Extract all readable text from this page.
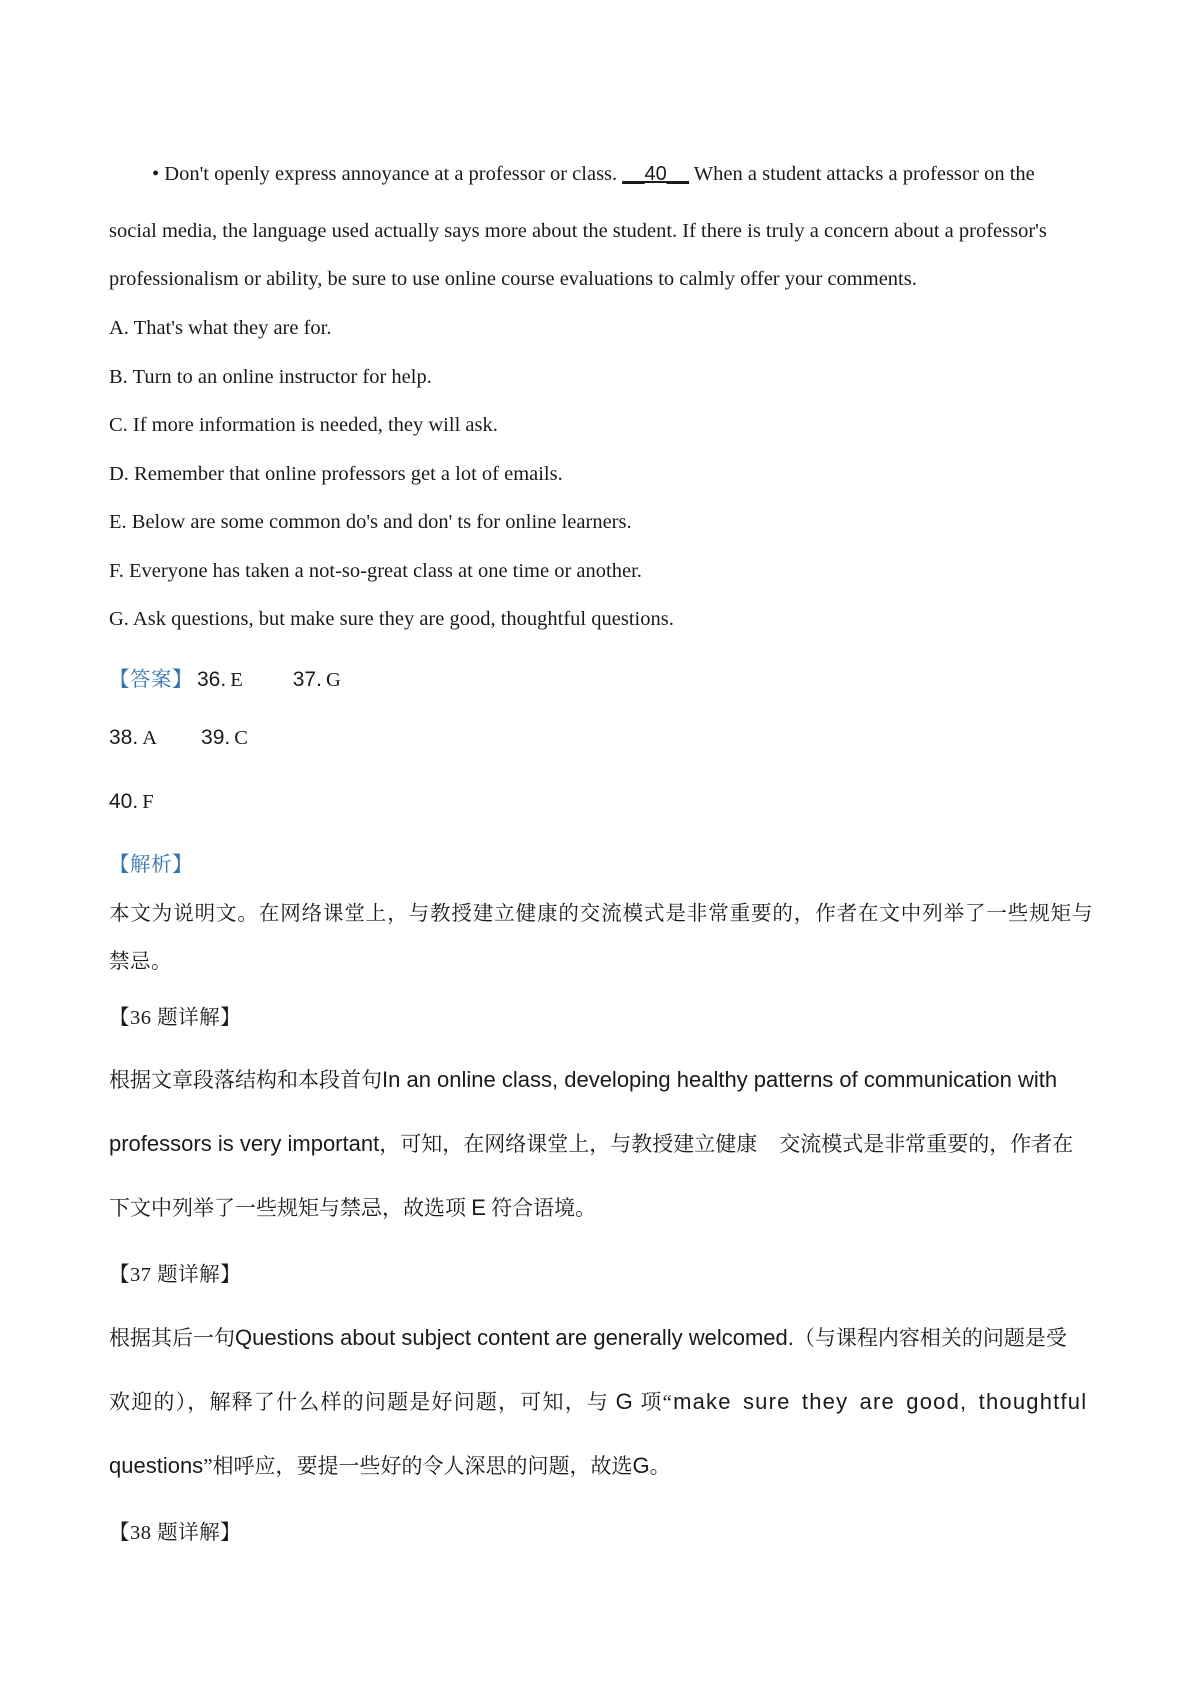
• Don't openly express annoyance at a professor or class. __40__ When a student attacks a professor on the
social media, the language used actually says more about the student. If there is truly a concern about a professor's
professionalism or ability, be sure to use online course evaluations to calmly offer your comments.
A. That's what they are for.
B. Turn to an online instructor for help.
C. If more information is needed, they will ask.
D. Remember that online professors get a lot of emails.
E. Below are some common do's and don' ts for online learners.
F. Everyone has taken a not-so-great class at one time or another.
G. Ask questions, but make sure they are good, thoughtful questions.
【答案】 36. E 37. G
38. A 39. C
40. F
【解析】
本文为说明文。在网络课堂上，与教授建立健康的交流模式是非常重要的，作者在文中列举了一些规矩与
禁忌。
【36 题详解】
根据文章段落结构和本段首句In an online class, developing healthy patterns of communication with
professors is very important，可知，在网络课堂上，与教授建立健康 交流模式是非常重要的，作者在
下文中列举了一些规矩与禁忌，故选项 E 符合语境。
【37 题详解】
根据其后一句Questions about subject content are generally welcomed.（与课程内容相关的问题是受
欢迎的），解释了什么样的问题是好问题，可知，与 G 项“make sure they are good, thoughtful
questions”相呼应，要提一些好的令人深思的问题，故选G。
【38 题详解】
